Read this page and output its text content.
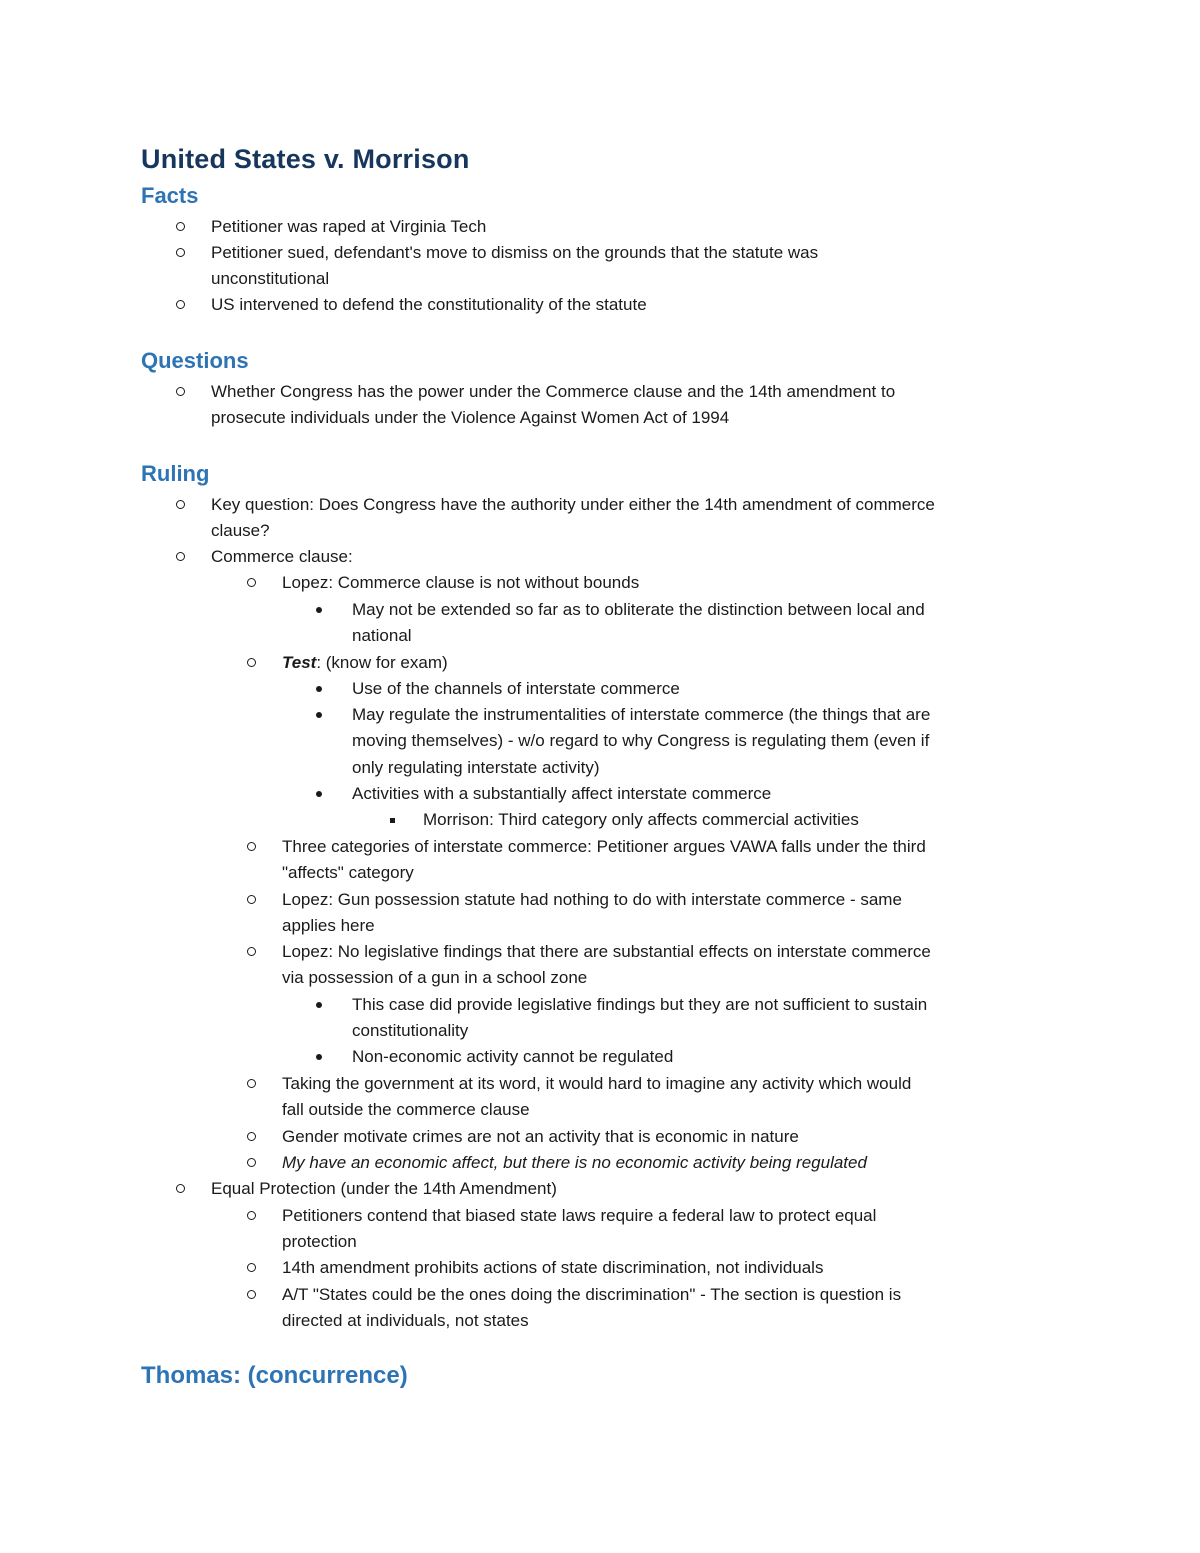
United States v. Morrison
Facts

Petitioner was raped at Virginia Tech

Petitioner sued, defendant's move to dismiss on the grounds that the statute was

unconstitutional

US intervened to defend the constitutionality of the statute

Questions

Whether Congress has the power under the Commerce clause and the 14th amendment to

prosecute individuals under the Violence Against Women Act of 1994

Ruling

Key question: Does Congress have the authority under either the 14th amendment of commerce

clause?

Commerce clause:

Lopez: Commerce clause is not without bounds

May not be extended so far as to obliterate the distinction between local and

national

Test: (know for exam)

Use of the channels of interstate commerce

May regulate the instrumentalities of interstate commerce (the things that are

moving themselves) - w/o regard to why Congress is regulating them (even if

only regulating interstate activity)

Activities with a substantially affect interstate commerce

Morrison: Third category only affects commercial activities

Three categories of interstate commerce: Petitioner argues VAWA falls under the third

"affects" category

Lopez: Gun possession statute had nothing to do with interstate commerce - same

applies here

Lopez: No legislative findings that there are substantial effects on interstate commerce

via possession of a gun in a school zone

This case did provide legislative findings but they are not sufficient to sustain

constitutionality

Non-economic activity cannot be regulated

Taking the government at its word, it would hard to imagine any activity which would

fall outside the commerce clause

Gender motivate crimes are not an activity that is economic in nature

My have an economic affect, but there is no economic activity being regulated

Equal Protection (under the 14th Amendment)

Petitioners contend that biased state laws require a federal law to protect equal

protection

14th amendment prohibits actions of state discrimination, not individuals

A/T "States could be the ones doing the discrimination" - The section is question is

directed at individuals, not states

Thomas: (concurrence)
